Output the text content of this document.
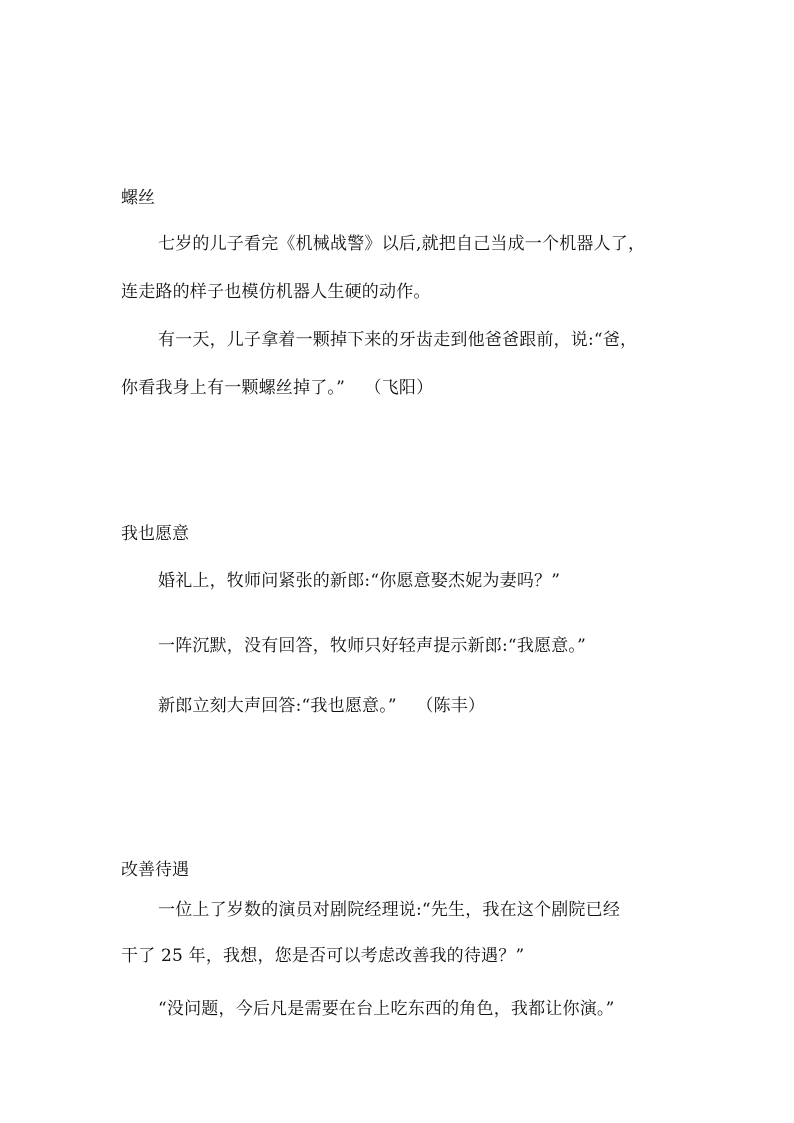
螺丝

七岁的儿子看完《机械战警》以后,就把自己当成一个机器人了，
连走路的样子也模仿机器人生硬的动作。
有一天，儿子拿着一颗掉下来的牙齿走到他爸爸跟前，说:“爸，
你看我身上有一颗螺丝掉了。” （飞阳）

我也愿意

婚礼上，牧师问紧张的新郎:“你愿意娶杰妮为妻吗？”
一阵沉默，没有回答，牧师只好轻声提示新郎:“我愿意。”
新郎立刻大声回答:“我也愿意。” （陈丰）

改善待遇

一位上了岁数的演员对剧院经理说:“先生，我在这个剧院已经
干了 25 年，我想，您是否可以考虑改善我的待遇？”
“没问题，今后凡是需要在台上吃东西的角色，我都让你演。”
